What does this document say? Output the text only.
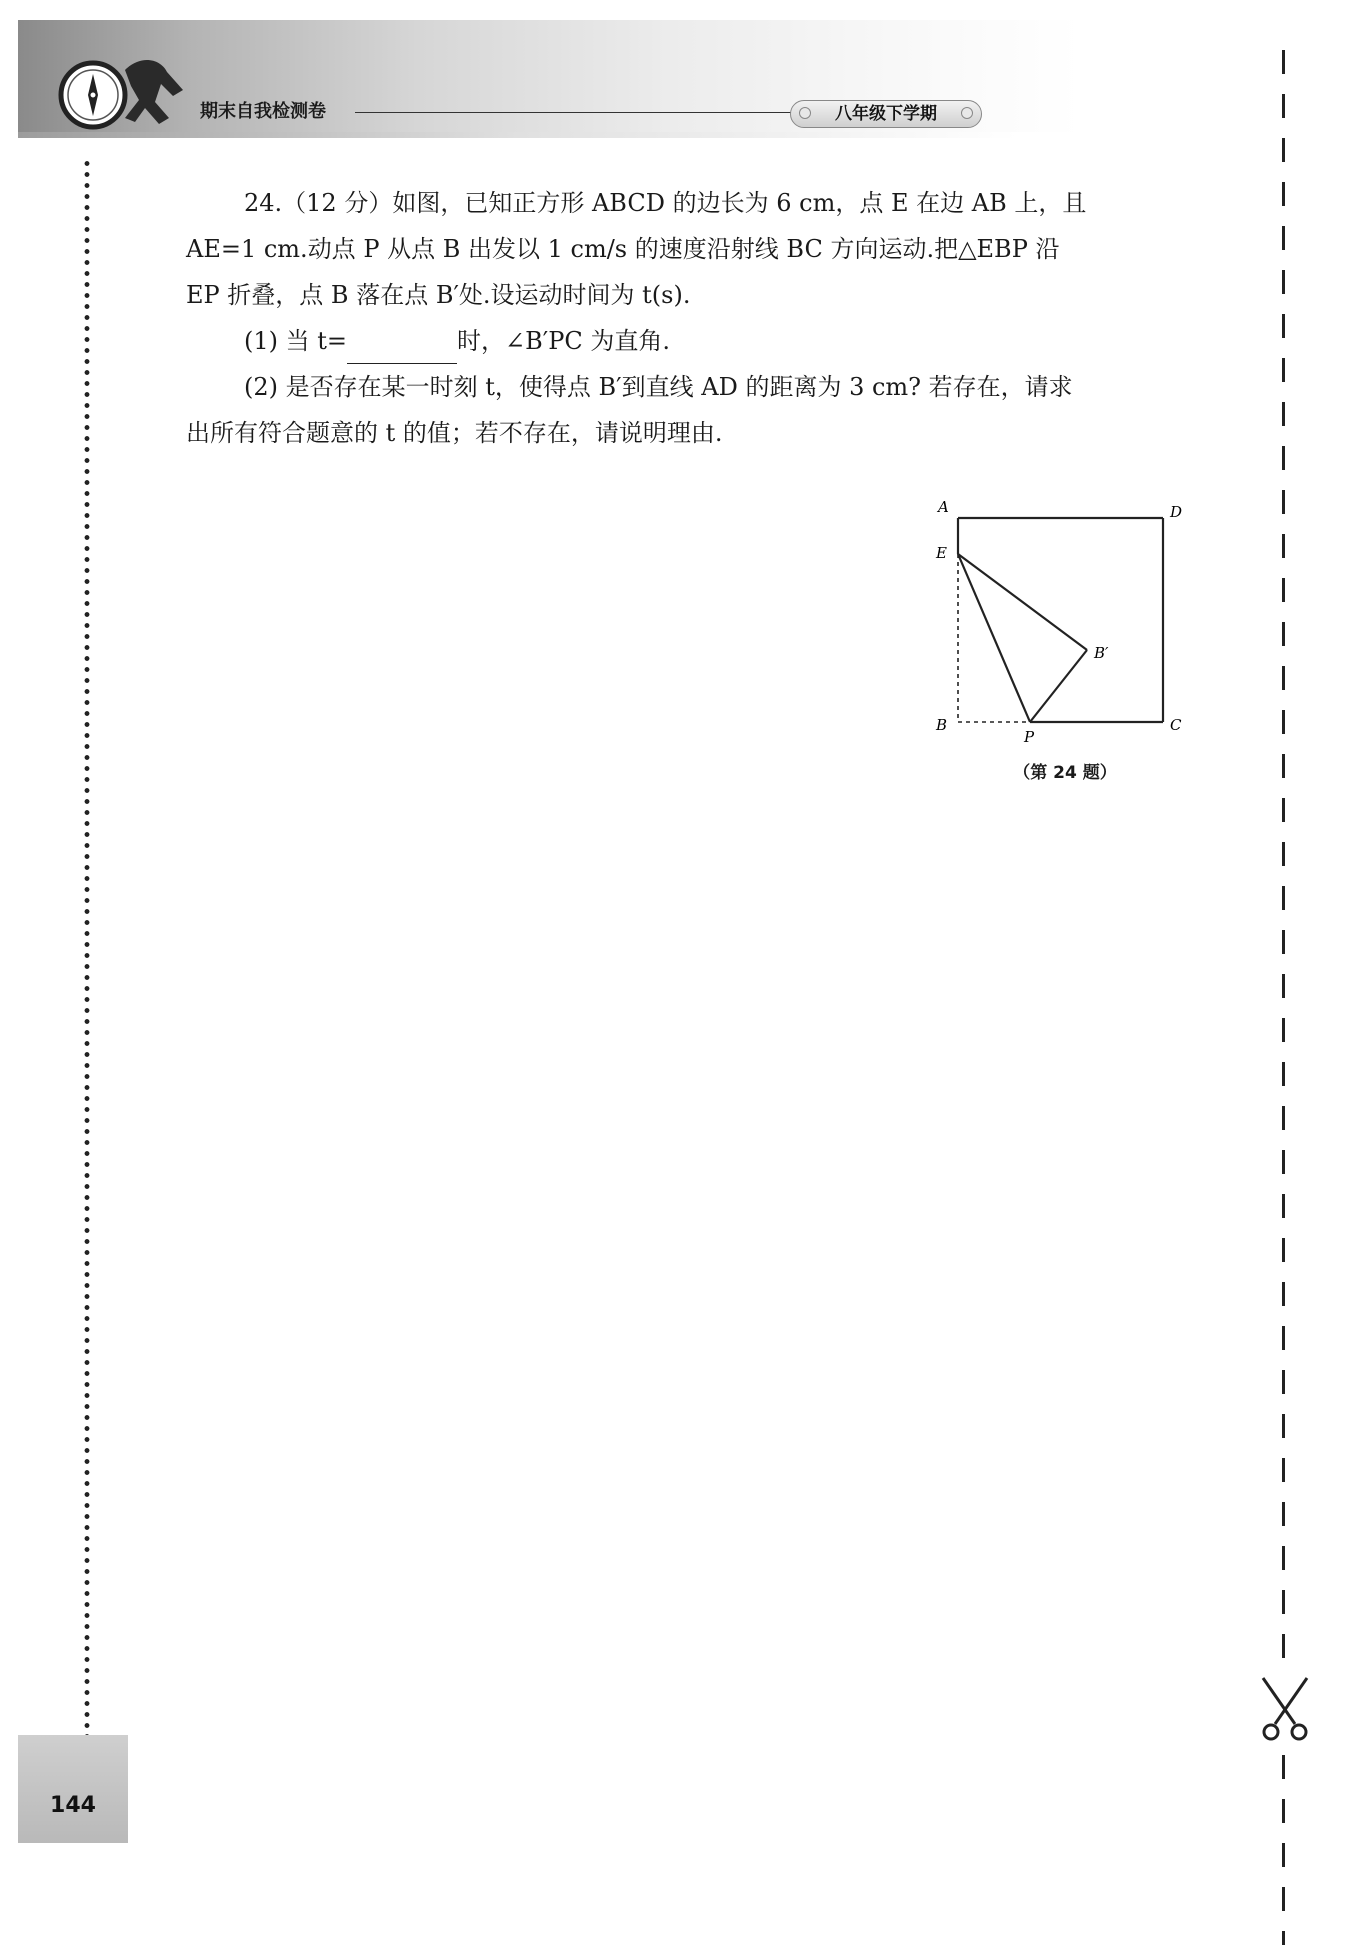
期末自我检测卷	八年级下学期

24.（12 分）如图，已知正方形 ABCD 的边长为 6 cm，点 E 在边 AB 上，且

AE=1 cm.动点 P 从点 B 出发以 1 cm/s 的速度沿射线 BC 方向运动.把△EBP 沿

EP 折叠，点 B 落在点 B′处.设运动时间为 t(s).

(1) 当 t=	时，∠B′PC 为直角.

(2) 是否存在某一时刻 t，使得点 B′到直线 AD 的距离为 3 cm? 若存在，请求

出所有符合题意的 t 的值；若不存在，请说明理由.

A	D
E
B′
B
P
C
（第 24 题）
144
